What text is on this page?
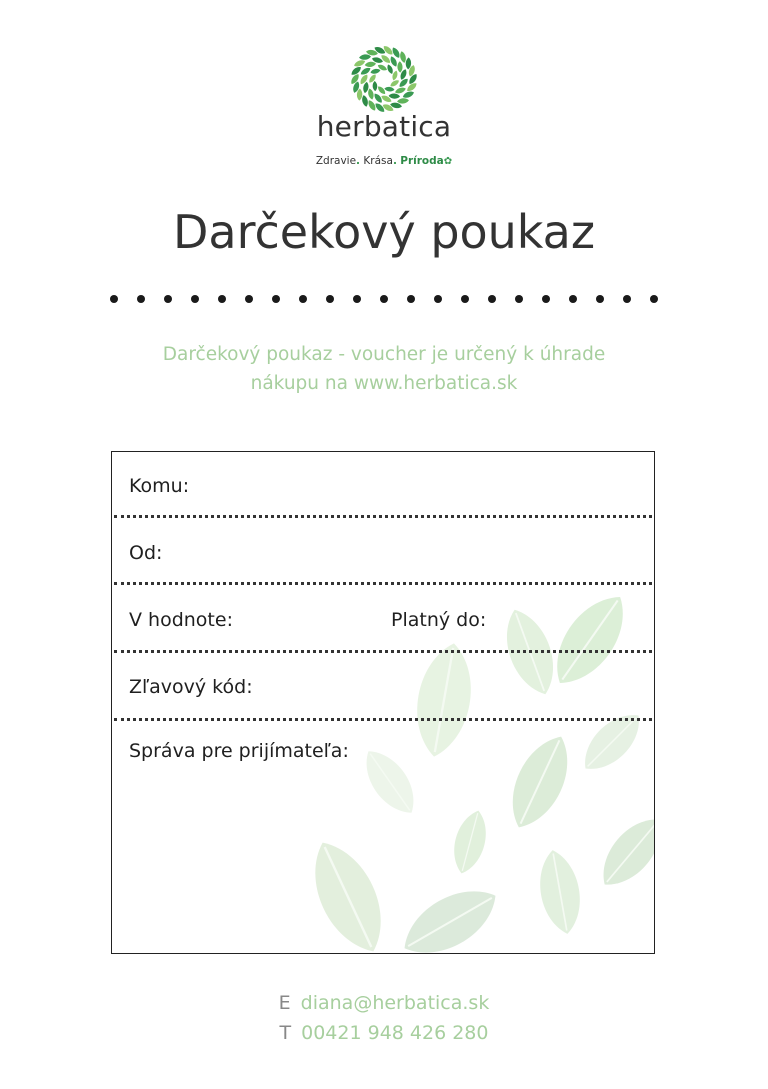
herbatica
Zdravie. Krása. Príroda✿
Darčekový poukaz

Darčekový poukaz - voucher je určený k úhrade

nákupu na www.herbatica.sk

Komu:
Od:
V hodnote:	Platný do:
Zľavový kód:
Správa pre prijímateľa:
E diana@herbatica.sk
T 00421 948 426 280
